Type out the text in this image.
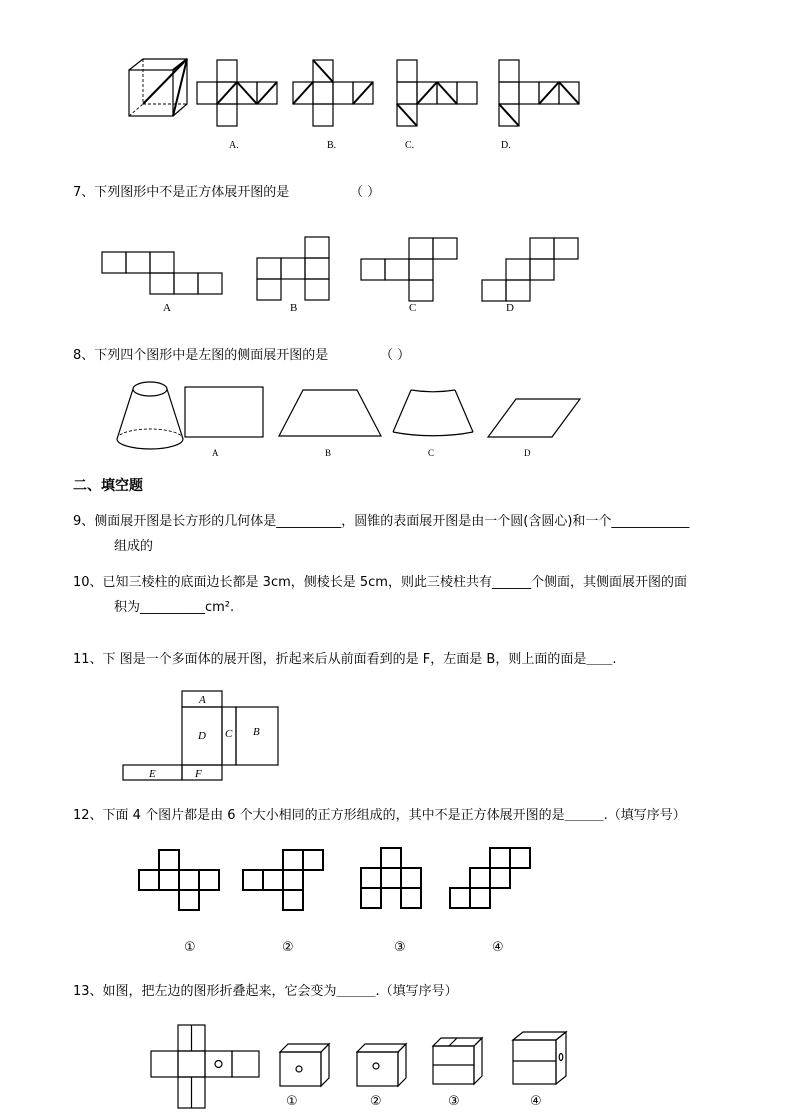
A.	B.	C.	D.
7、下列图形中不是正方体展开图的是	（ ）
A	B	C	D
8、下列四个图形中是左图的侧面展开图的是	（ ）
A	B	C	D
二、填空题
9、侧面展开图是长方形的几何体是__________，圆锥的表面展开图是由一个圆(含圆心)和一个____________
组成的
10、已知三棱柱的底面边长都是 3cm，侧棱长是 5cm，则此三棱柱共有______个侧面，其侧面展开图的面
积为__________cm².
11、下 图是一个多面体的展开图，折起来后从前面看到的是 F，左面是 B，则上面的面是＿＿.
A
D C B
E	F
12、下面 4 个图片都是由 6 个大小相同的正方形组成的，其中不是正方体展开图的是＿＿＿.（填写序号）
①	②	③	④
13、如图，把左边的图形折叠起来，它会变为＿＿＿.（填写序号）
①	②	③	④
